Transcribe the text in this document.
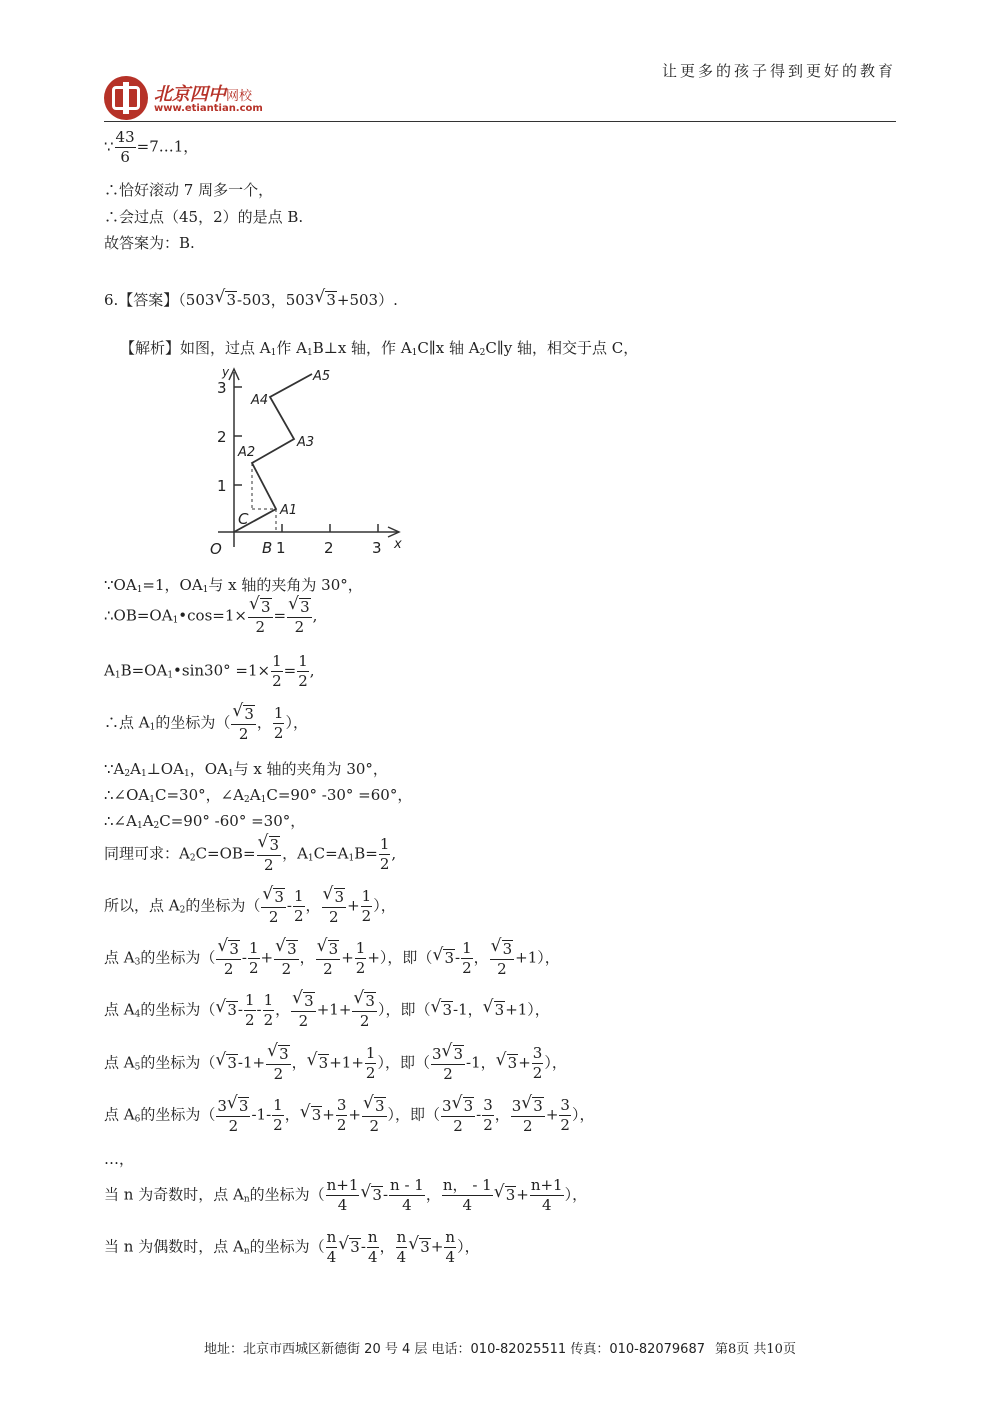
北京四中网校
www.etiantian.com
让更多的孩子得到更好的教育
∵ $\frac{43}{6}$ =7…1，
∴恰好滚动 7 周多一个，
∴会过点（45，2）的是点 B.
故答案为：B.
6.【答案】（503 √ 3-503，503 √ 3+503）.
【解析】如图，过点 $A_1$作 $A_1B\perp x$ 轴，作 $A_1C\parallel x$ 轴 $A_2C\parallel y$ 轴，相交于点 C，
y
x
O
1
2
3
1	2	3
B
C A1
A2
A3
A4
A5
$\because OA_1=1$，$OA_1$与 x 轴的夹角为 30°，
$\therefore OB=OA_1•\cos=1\times$ √ $\frac{3}{2}$ = √ $\frac{3}{2}$ ,
$A_1B=OA_1•\sin 30^\circ =1\times \frac{1}{2} = \frac{1}{2}$ ,
∴点 $A_1$的坐标为（ √ $\frac{3}{2}$ ， $\frac{1}{2}$ ），
$\because A_2A_1\perp OA_1$，$OA_1$与 x 轴的夹角为 30°，
$\therefore\angle OA_1C=30^\circ$，$\angle A_2A_1C=90^\circ$ -30° =60°，
$\therefore\angle A_1A_2C=90^\circ$ -60° =30°，
同理可求：$A_2C=OB=$ √ $\frac{3}{2}$ ，$A_1C=A_1B= \frac{1}{2}$ ,
所以，点 $A_2$的坐标为（ √ $\frac{3}{2} - \frac{1}{2}$ ， √ $\frac{3}{2} + \frac{1}{2}$ ），
点 $A_3$的坐标为（ √ $\frac{3}{2} - \frac{1}{2}$ + √ $\frac{3}{2}$ ， √ $\frac{3}{2} + \frac{1}{2}$ +），即（ √ $3- \frac{1}{2}$ ， √ $\frac{3}{2} +1$），
点 $A_4$的坐标为（ √ $3- \frac{1}{2} - \frac{1}{2}$ ， √ $\frac{3}{2} +1+$ √ $\frac{3}{2}$ ），即（ √ 3-1， √ 3+1），
点 $A_5$的坐标为（ √ 3-1+ √ $\frac{3}{2}$ ， √ $3+1+ \frac{1}{2}$ ），即（ $\frac{3 √ 3}{2} -1$， √ $3+ \frac{3}{2}$ ），
点 $A_6$的坐标为（ $\frac{3 √ 3}{2} -1- \frac{1}{2}$ ， √ $3+ \frac{3}{2}$ + √ $\frac{3}{2}$ ），即（ $\frac{3 √ 3}{2} - \frac{3}{2}$ ， $\frac{3 √ 3}{2} + \frac{3}{2}$ ），
…，
当 n 为奇数时，点 $A_n$的坐标为（ $\frac{n+1}{4}$ √ $3- \frac{n - 1}{4}$ ， $\frac{n, - 1}{4}$ √ $3+ \frac{n+1}{4}$ ），
当 n 为偶数时，点 $A_n$的坐标为（ $\frac{n}{4}$ √ $3- \frac{n}{4}$ ， $\frac{n}{4}$ √ $3+ \frac{n}{4}$ ），
地址：北京市西城区新德街 20 号 4 层 电话：010-82025511 传真：010-82079687 第8页 共10页
